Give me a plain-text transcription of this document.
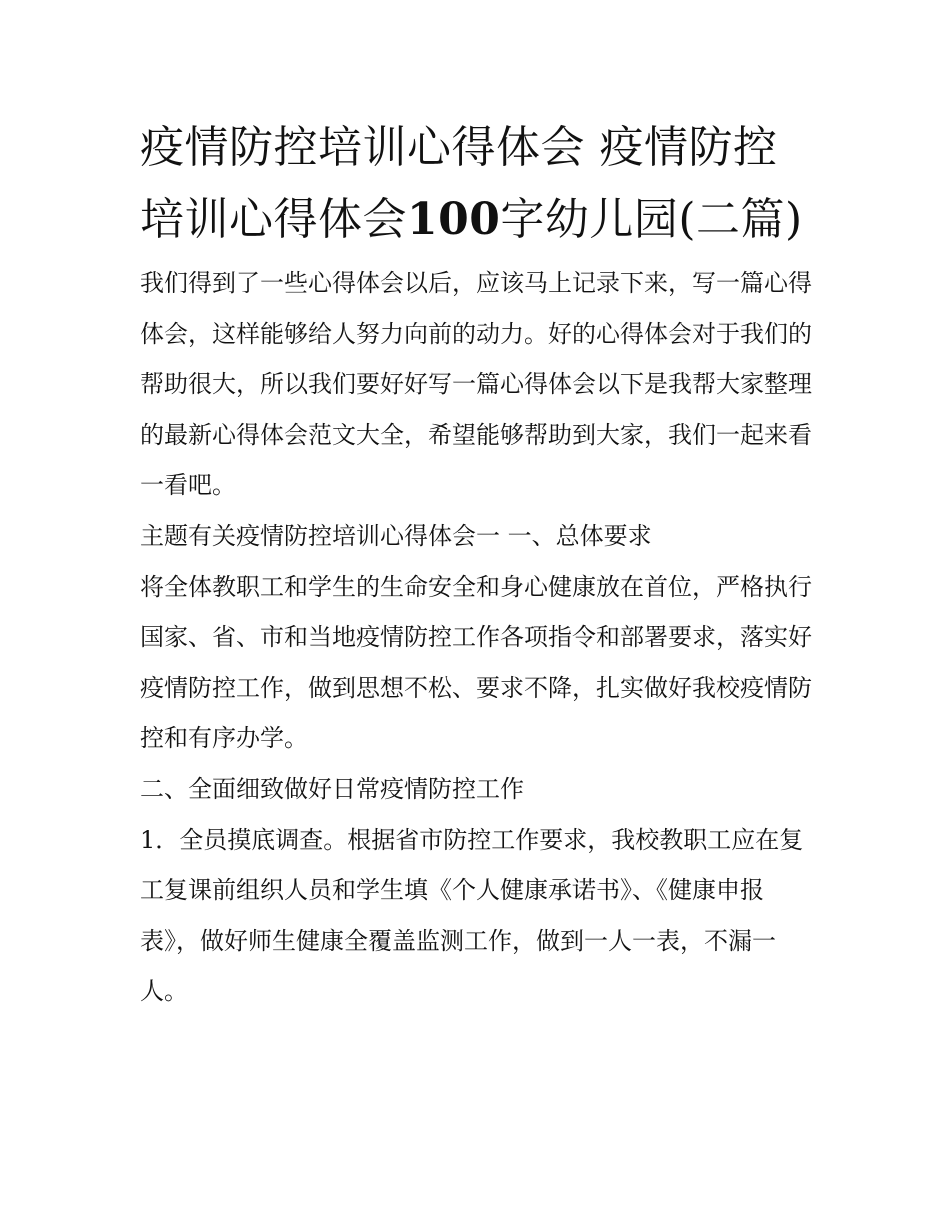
疫情防控培训心得体会 疫情防控培训心得体会100字幼儿园(二篇)

我们得到了一些心得体会以后，应该马上记录下来，写一篇心得体会，这样能够给人努力向前的动力。好的心得体会对于我们的帮助很大，所以我们要好好写一篇心得体会以下是我帮大家整理的最新心得体会范文大全，希望能够帮助到大家，我们一起来看一看吧。

主题有关疫情防控培训心得体会一 一、总体要求

将全体教职工和学生的生命安全和身心健康放在首位，严格执行国家、省、市和当地疫情防控工作各项指令和部署要求，落实好疫情防控工作，做到思想不松、要求不降，扎实做好我校疫情防控和有序办学。

二、全面细致做好日常疫情防控工作

1．全员摸底调查。根据省市防控工作要求，我校教职工应在复工复课前组织人员和学生填《个人健康承诺书》、《健康申报表》，做好师生健康全覆盖监测工作，做到一人一表，不漏一人。
